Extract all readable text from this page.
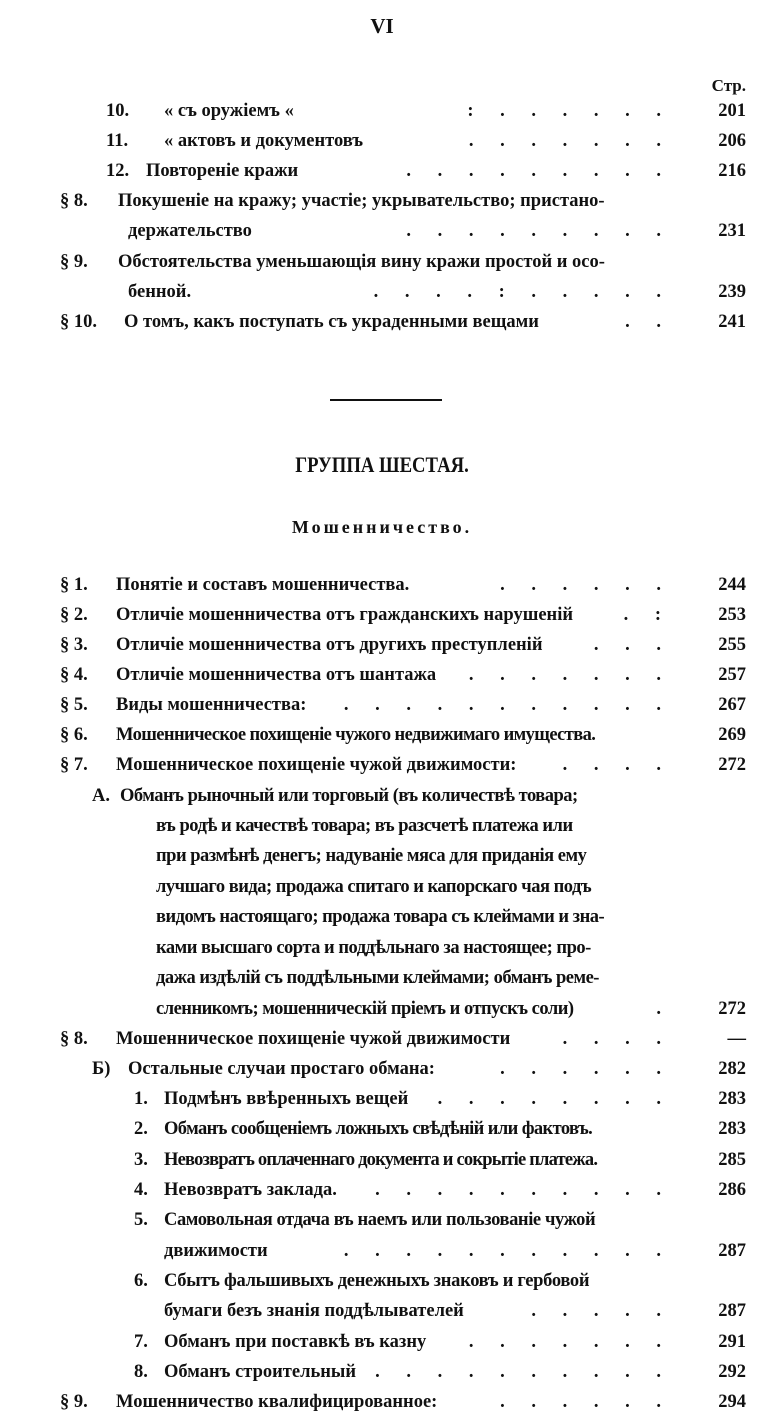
VI
Стр.
10. « съ оружіемъ «	: . . . . . .	201
11. « актовъ и документовъ	. . . . . . .	206
12. Повтореніе кражи	. . . . . . . . .	216
§ 8. Покушеніе на кражу; участіе; укрывательство; пристано-
держательство	. . . . . . . . .	231
§ 9. Обстоятельства уменьшающія вину кражи простой и осо-
бенной.	. . . . : . . . . .	239
§ 10. О томъ, какъ поступать съ украденными вещами	. .	241
ГРУППА ШЕСТАЯ.
Мошенничество.
§ 1. Понятіе и составъ мошенничества.	. . . . . .	244
§ 2. Отличіе мошенничества отъ гражданскихъ нарушеній	. :	253
§ 3. Отличіе мошенничества отъ другихъ преступленій	. . .	255
§ 4. Отличіе мошенничества отъ шантажа . . . . . . .	257
§ 5. Виды мошенничества: . . . . . . . . . . .	267
§ 6. Мошенническое похищеніе чужого недвижимаго имущества.	269
§ 7. Мошенническое похищеніе чужой движимости: . . . .	272
А. Обманъ рыночный или торговый (въ количествѣ товара;
въ родѣ и качествѣ товара; въ разсчетѣ платежа или
при размѣнѣ денегъ; надуваніе мяса для приданія ему
лучшаго вида; продажа спитаго и капорскаго чая подъ
видомъ настоящаго; продажа товара съ клеймами и зна-
ками высшаго сорта и поддѣльнаго за настоящее; про-
дажа издѣлій съ поддѣльными клеймами; обманъ реме-
сленникомъ; мошенническій пріемъ и отпускъ соли)	.	272
§ 8. Мошенническое похищеніе чужой движимости	. . . .	—
Б) Остальные случаи простаго обмана:	. . . . . .	282
1. Подмѣнъ ввѣренныхъ вещей . . . . . . . .	283
2. Обманъ сообщеніемъ ложныхъ свѣдѣній или фактовъ.	283
3. Невозвратъ оплаченнаго документа и сокрытіе платежа.	285
4. Невозвратъ заклада. . . . . . . . . . .	286
5. Самовольная отдача въ наемъ или пользованіе чужой
движимости	. . . . . . . . . . .	287
6. Сбытъ фальшивыхъ денежныхъ знаковъ и гербовой
бумаги безъ знанія поддѣлывателей	. . . . .	287
7. Обманъ при поставкѣ въ казну . . . . . . .	291
8. Обманъ строительный . . . . . . . . . .	292
§ 9. Мошенничество квалифицированное:	. . . . . .	294
